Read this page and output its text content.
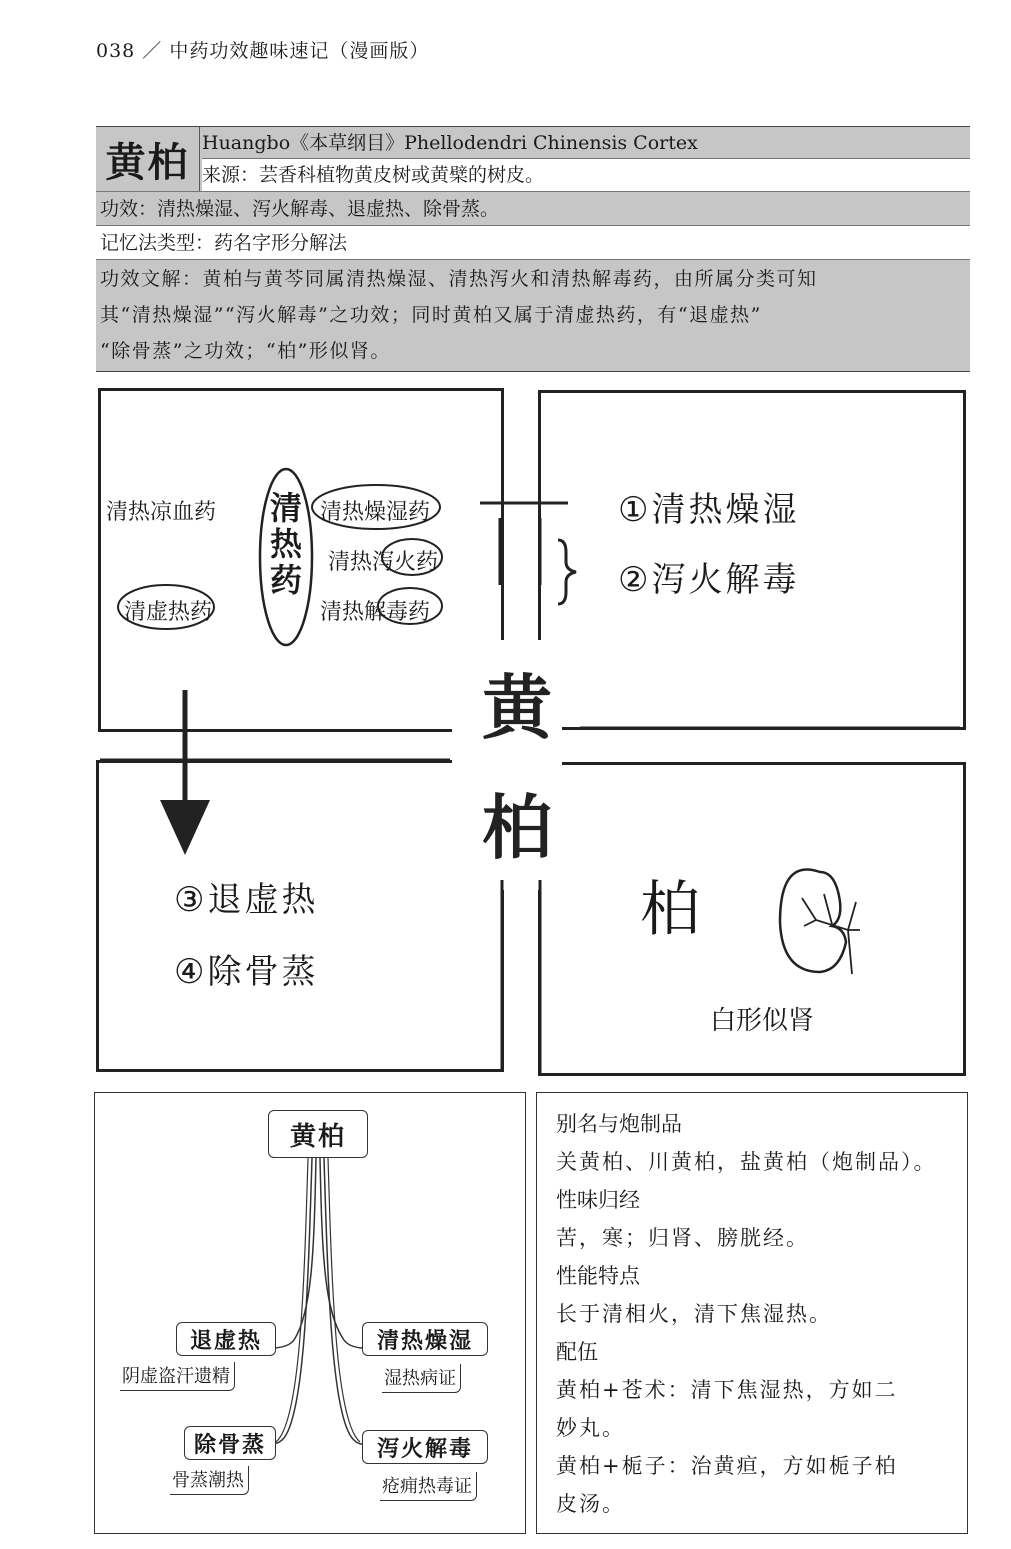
038 ／ 中药功效趣味速记（漫画版）
黄柏 Huangbo《本草纲目》Phellodendri Chinensis Cortex
来源：芸香科植物黄皮树或黄檗的树皮。
功效：清热燥湿、泻火解毒、退虚热、除骨蒸。
记忆法类型：药名字形分解法
功效文解：黄柏与黄芩同属清热燥湿、清热泻火和清热解毒药，由所属分类可知
其“清热燥湿”“泻火解毒”之功效；同时黄柏又属于清虚热药，有“退虚热”
“除骨蒸”之功效；“柏”形似肾。
清热凉血药 清热药
清热燥湿药
清热泻火药
清热解毒药
清虚热药
黄
柏
①清热燥湿
②泻火解毒
③退虚热
④除骨蒸
柏
白形似肾
黄柏
退虚热
阴虚盗汗遗精
除骨蒸
骨蒸潮热
清热燥湿
湿热病证
泻火解毒
疮痈热毒证
别名与炮制品
关黄柏、川黄柏，盐黄柏（炮制品）。
性味归经
苦，寒；归肾、膀胱经。
性能特点
长于清相火，清下焦湿热。
配伍
黄柏+苍术：清下焦湿热，方如二
妙丸。
黄柏+栀子：治黄疸，方如栀子柏
皮汤。
